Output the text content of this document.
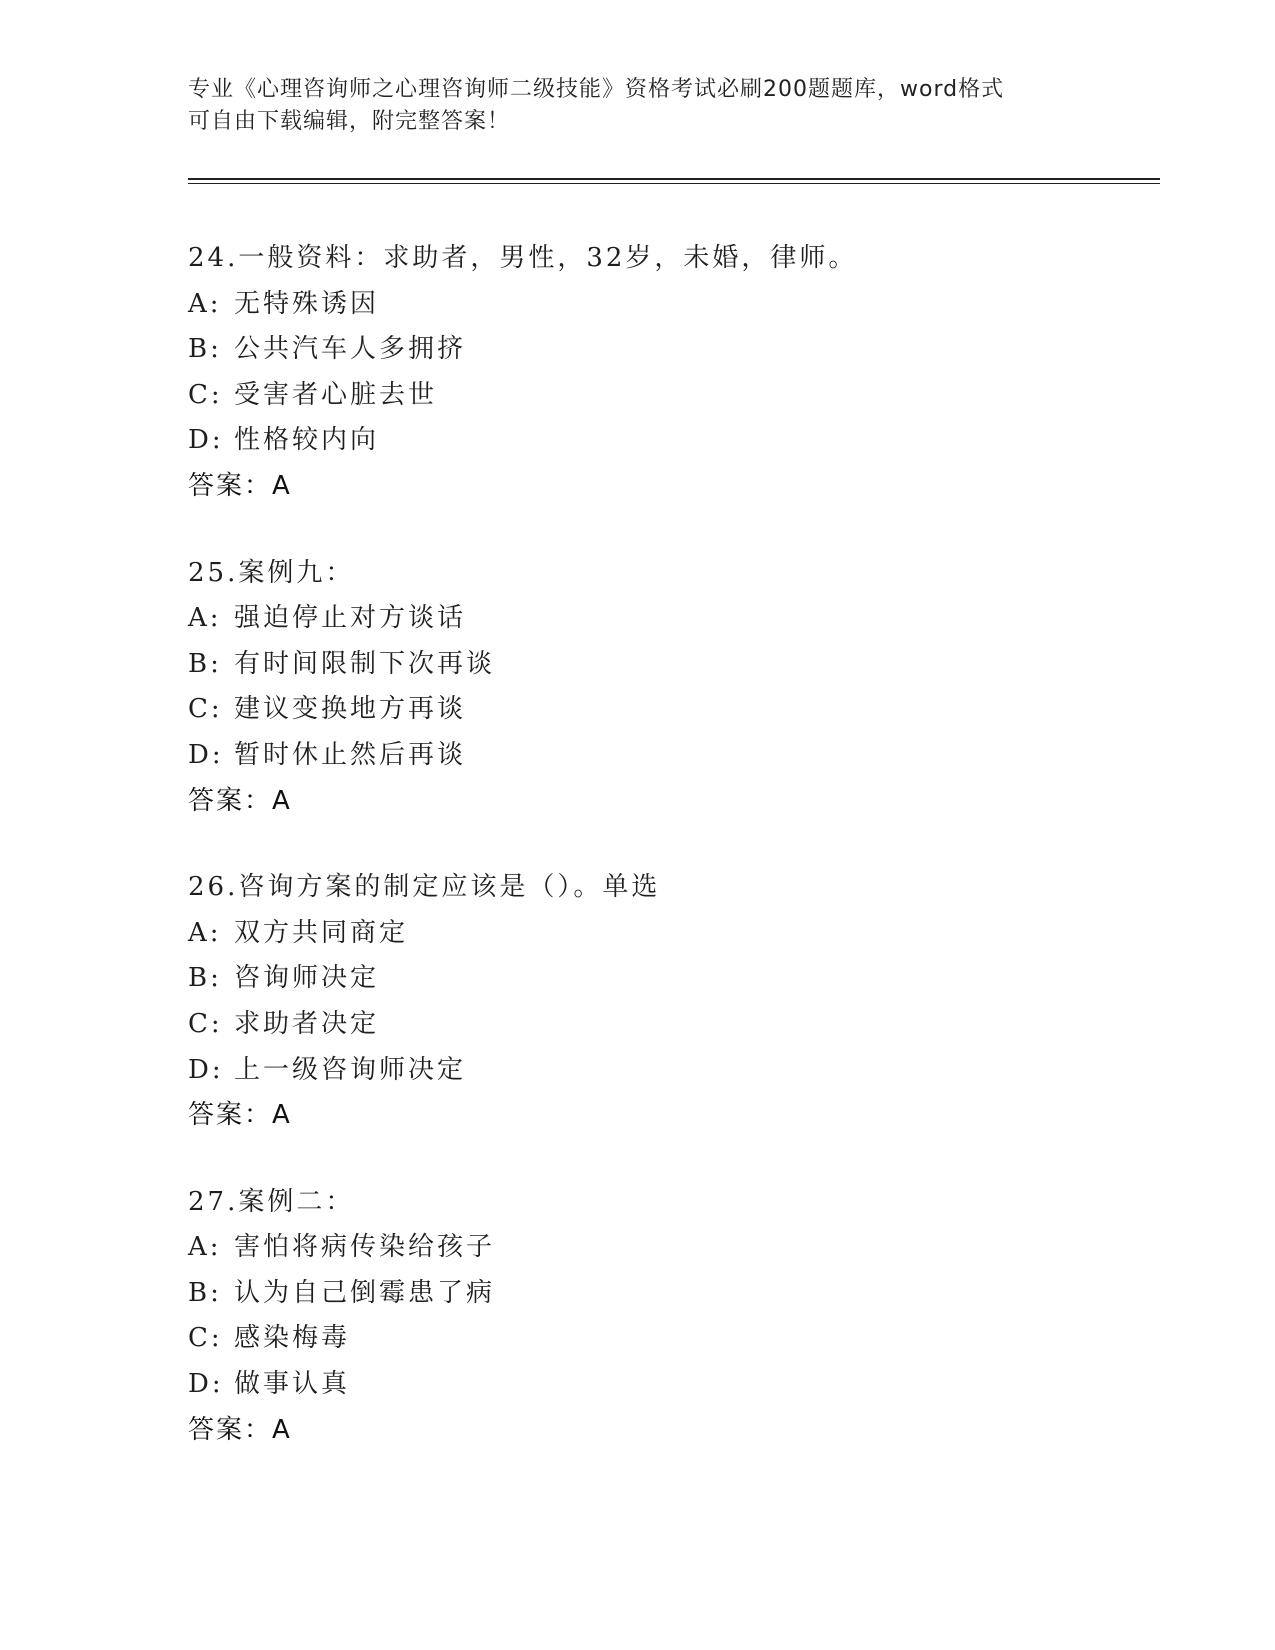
专业《心理咨询师之心理咨询师二级技能》资格考试必刷200题题库，word格式

可自由下载编辑，附完整答案！

24.一般资料：求助者，男性，32岁，未婚，律师。
A: 无特殊诱因
B: 公共汽车人多拥挤
C: 受害者心脏去世
D: 性格较内向
答案：A
25.案例九：
A: 强迫停止对方谈话
B: 有时间限制下次再谈
C: 建议变换地方再谈
D: 暂时休止然后再谈
答案：A
26.咨询方案的制定应该是（）。单选
A: 双方共同商定
B: 咨询师决定
C: 求助者决定
D: 上一级咨询师决定
答案：A
27.案例二：
A: 害怕将病传染给孩子
B: 认为自己倒霉患了病
C: 感染梅毒
D: 做事认真
答案：A
